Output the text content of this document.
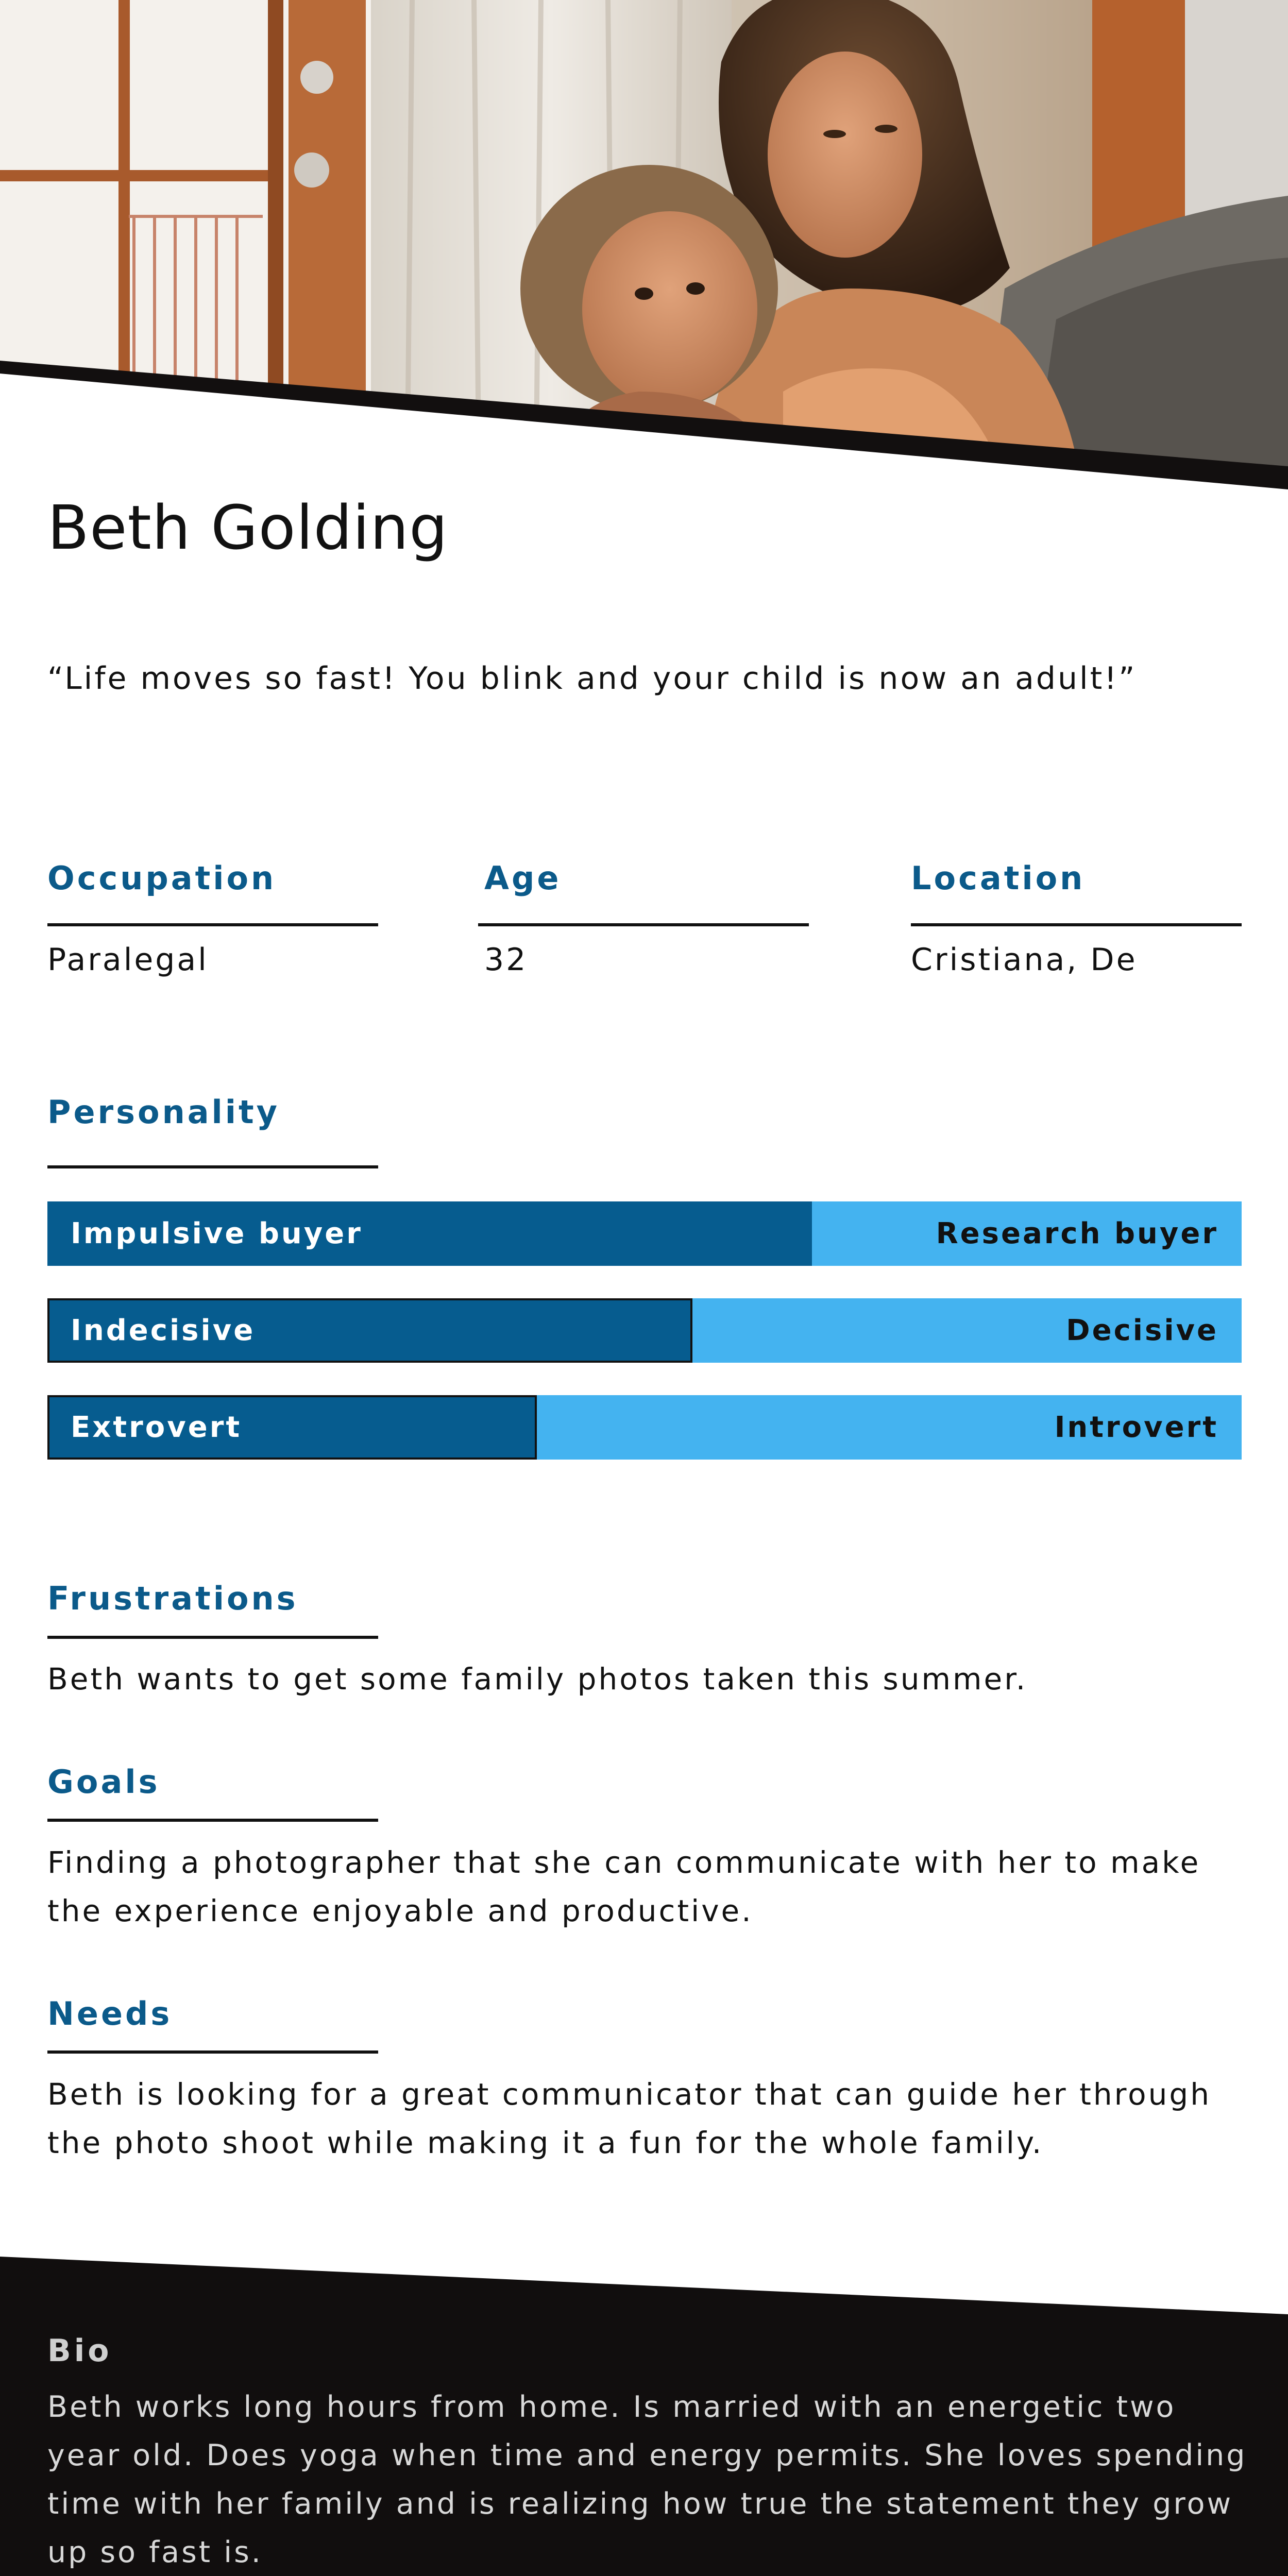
Beth Golding

“Life moves so fast! You blink and your child is now an adult!”

Occupation
Paralegal
Age
32
Location
Cristiana, De
Personality
Impulsive buyer	Research buyer
Indecisive	Decisive
Extrovert	Introvert
Frustrations

Beth wants to get some family photos taken this summer.

Goals

Finding a photographer that she can communicate with her to make the experience enjoyable and productive.

Needs

Beth is looking for a great communicator that can guide her through the photo shoot while making it a fun for the whole family.

Bio

Beth works long hours from home. Is married with an energetic two year old. Does yoga when time and energy permits. She loves spending time with her family and is realizing how true the statement they grow up so fast is.
